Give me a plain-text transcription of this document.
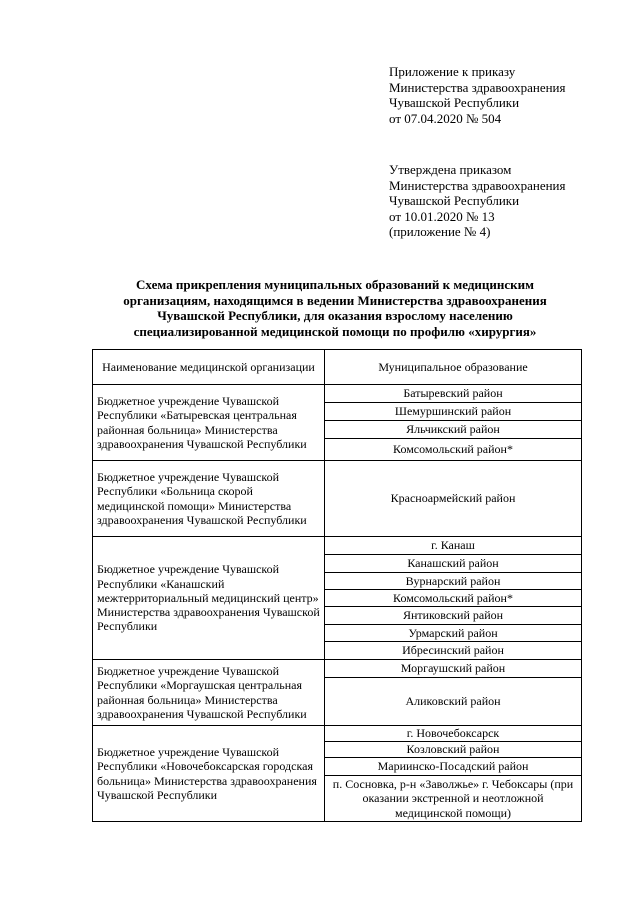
Приложение к приказу
Министерства здравоохранения
Чувашской Республики
от 07.04.2020 № 504
Утверждена приказом
Министерства здравоохранения
Чувашской Республики
от 10.01.2020 № 13
(приложение № 4)
Схема прикрепления муниципальных образований к медицинским
организациям, находящимся в ведении Министерства здравоохранения
Чувашской Республики, для оказания взрослому населению
специализированной медицинской помощи по профилю «хирургия»
Наименование медицинской организации	Муниципальное образование
Бюджетное учреждение Чувашской Республики «Батыревская центральная районная больница» Министерства здравоохранения Чувашской Республики	Батыревский район
	Шемуршинский район
	Яльчикский район
	Комсомольский район*
Бюджетное учреждение Чувашской Республики «Больница скорой медицинской помощи» Министерства здравоохранения Чувашской Республики	Красноармейский район
Бюджетное учреждение Чувашской Республики «Канашский межтерриториальный медицинский центр» Министерства здравоохранения Чувашской Республики	г. Канаш
	Канашский район
	Вурнарский район
	Комсомольский район*
	Янтиковский район
	Урмарский район
	Ибресинский район
Бюджетное учреждение Чувашской Республики «Моргаушская центральная районная больница» Министерства здравоохранения Чувашской Республики	Моргаушский район
	Аликовский район
Бюджетное учреждение Чувашской Республики «Новочебоксарская городская больница» Министерства здравоохранения Чувашской Республики	г. Новочебоксарск
	Козловский район
	Мариинско-Посадский район
	п. Сосновка, р-н «Заволжье» г. Чебоксары (при оказании экстренной и неотложной медицинской помощи)
